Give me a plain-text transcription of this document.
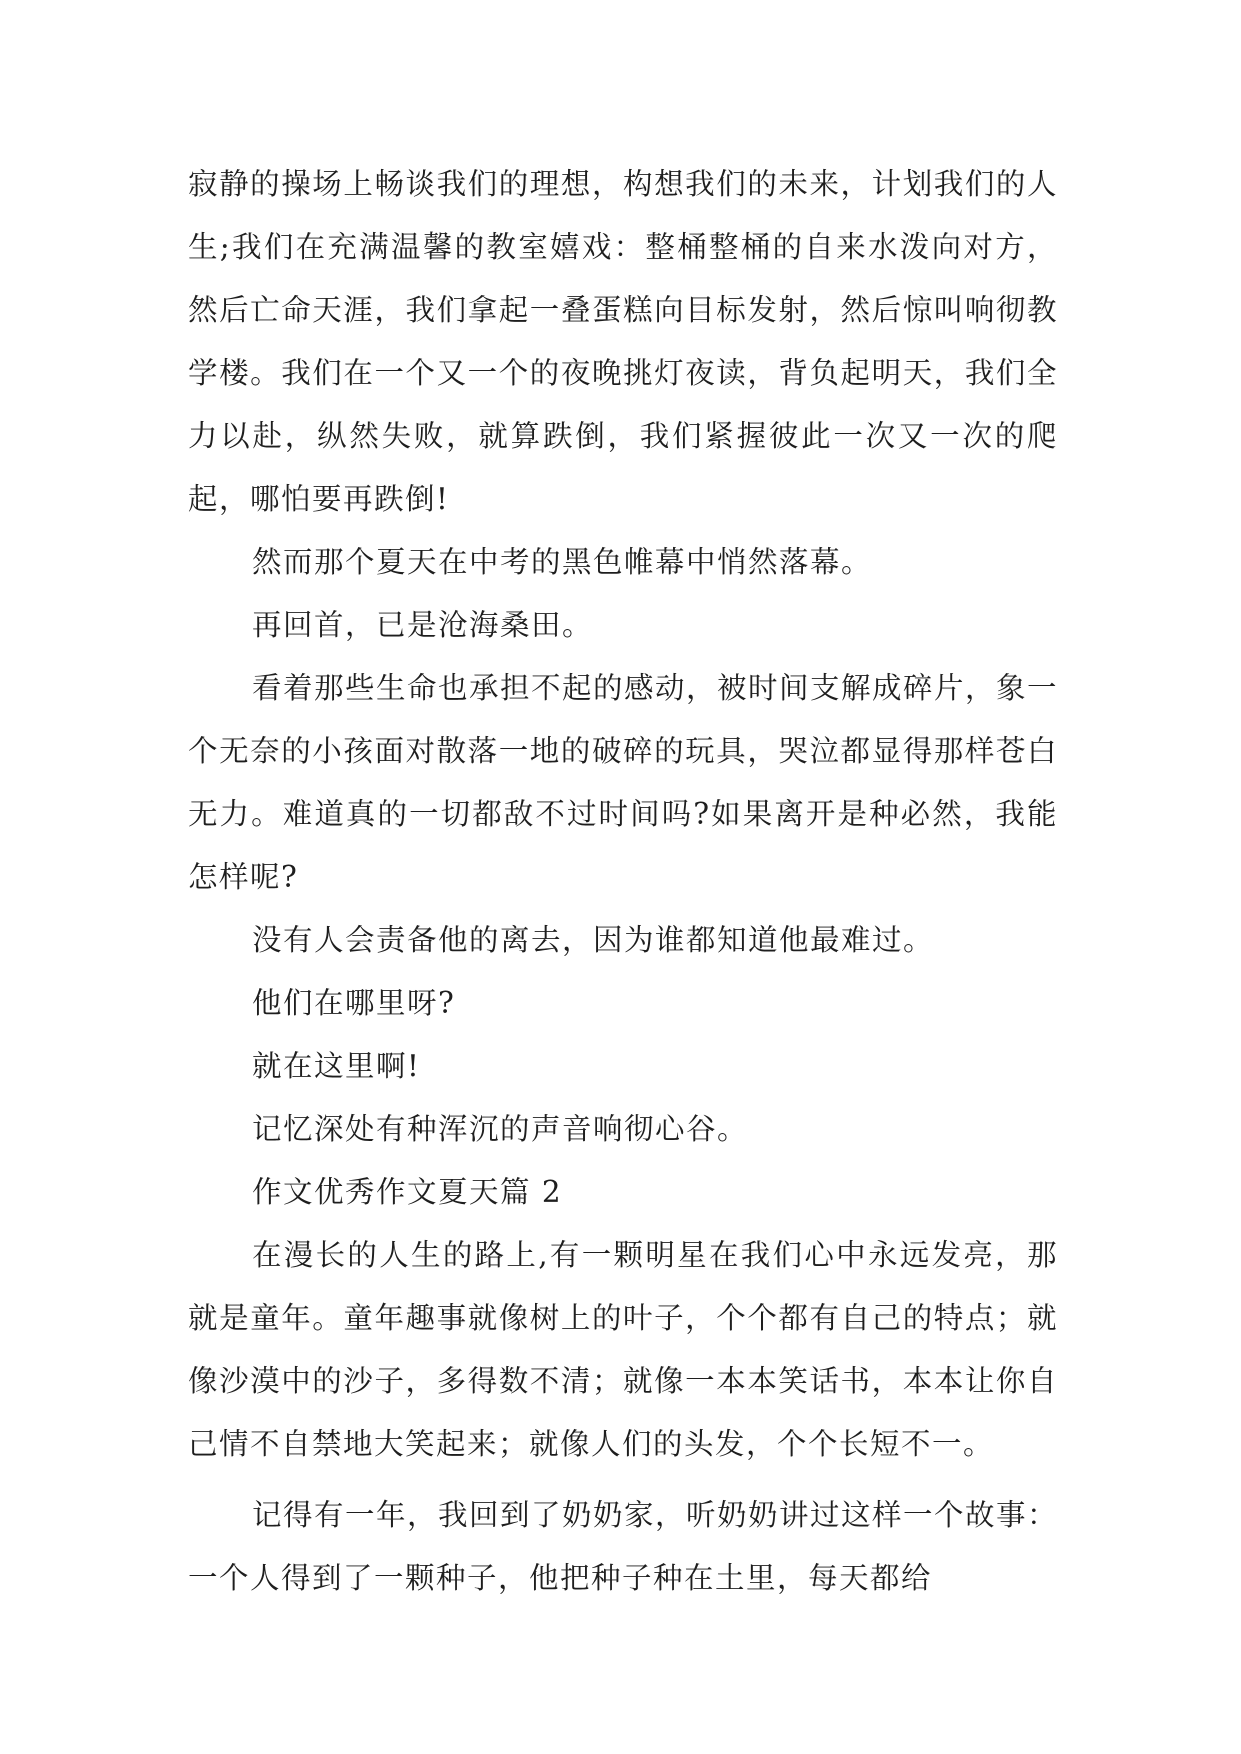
寂静的操场上畅谈我们的理想，构想我们的未来，计划我们的人生;我们在充满温馨的教室嬉戏：整桶整桶的自来水泼向对方，然后亡命天涯，我们拿起一叠蛋糕向目标发射，然后惊叫响彻教学楼。我们在一个又一个的夜晚挑灯夜读，背负起明天，我们全力以赴，纵然失败，就算跌倒，我们紧握彼此一次又一次的爬起，哪怕要再跌倒!

然而那个夏天在中考的黑色帷幕中悄然落幕。

再回首，已是沧海桑田。

看着那些生命也承担不起的感动，被时间支解成碎片，象一个无奈的小孩面对散落一地的破碎的玩具，哭泣都显得那样苍白无力。难道真的一切都敌不过时间吗?如果离开是种必然，我能怎样呢?

没有人会责备他的离去，因为谁都知道他最难过。

他们在哪里呀?

就在这里啊!

记忆深处有种浑沉的声音响彻心谷。

作文优秀作文夏天篇 2

在漫长的人生的路上,有一颗明星在我们心中永远发亮，那就是童年。童年趣事就像树上的叶子，个个都有自己的特点；就像沙漠中的沙子，多得数不清；就像一本本笑话书，本本让你自己情不自禁地大笑起来；就像人们的头发，个个长短不一。

记得有一年，我回到了奶奶家，听奶奶讲过这样一个故事：一个人得到了一颗种子，他把种子种在土里，每天都给
